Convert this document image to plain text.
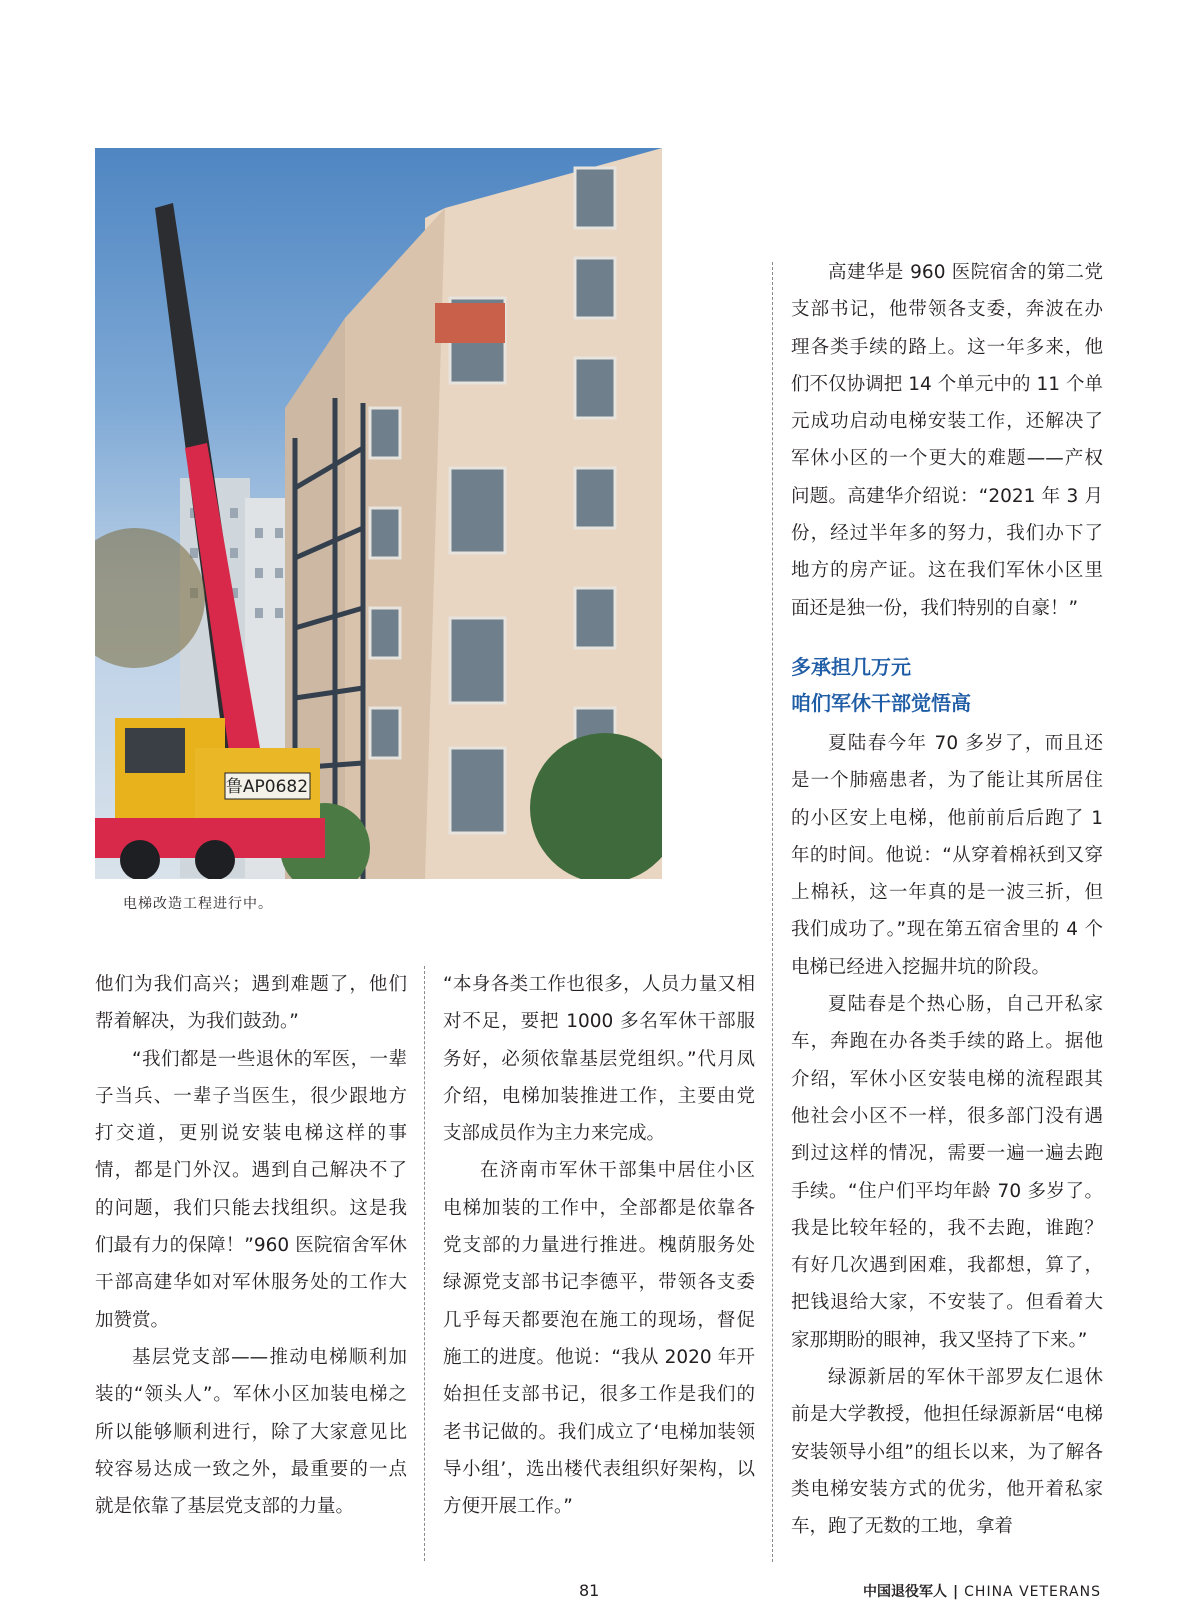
鲁AP0682
电梯改造工程进行中。

他们为我们高兴；遇到难题了，他们帮着解决，为我们鼓劲。”

“我们都是一些退休的军医，一辈子当兵、一辈子当医生，很少跟地方打交道，更别说安装电梯这样的事情，都是门外汉。遇到自己解决不了的问题，我们只能去找组织。这是我们最有力的保障！”960 医院宿舍军休干部高建华如对军休服务处的工作大加赞赏。

基层党支部——推动电梯顺利加装的“领头人”。军休小区加装电梯之所以能够顺利进行，除了大家意见比较容易达成一致之外，最重要的一点就是依靠了基层党支部的力量。

“本身各类工作也很多，人员力量又相对不足，要把 1000 多名军休干部服务好，必须依靠基层党组织。”代月凤介绍，电梯加装推进工作，主要由党支部成员作为主力来完成。

在济南市军休干部集中居住小区电梯加装的工作中，全部都是依靠各党支部的力量进行推进。槐荫服务处绿源党支部书记李德平，带领各支委几乎每天都要泡在施工的现场，督促施工的进度。他说：“我从 2020 年开始担任支部书记，很多工作是我们的老书记做的。我们成立了‘电梯加装领导小组’，选出楼代表组织好架构，以方便开展工作。”

高建华是 960 医院宿舍的第二党支部书记，他带领各支委，奔波在办理各类手续的路上。这一年多来，他们不仅协调把 14 个单元中的 11 个单元成功启动电梯安装工作，还解决了军休小区的一个更大的难题——产权问题。高建华介绍说：“2021 年 3 月份，经过半年多的努力，我们办下了地方的房产证。这在我们军休小区里面还是独一份，我们特别的自豪！”

多承担几万元
咱们军休干部觉悟高

夏陆春今年 70 多岁了，而且还是一个肺癌患者，为了能让其所居住的小区安上电梯，他前前后后跑了 1 年的时间。他说：“从穿着棉袄到又穿上棉袄，这一年真的是一波三折，但我们成功了。”现在第五宿舍里的 4 个电梯已经进入挖掘井坑的阶段。

夏陆春是个热心肠，自己开私家车，奔跑在办各类手续的路上。据他介绍，军休小区安装电梯的流程跟其他社会小区不一样，很多部门没有遇到过这样的情况，需要一遍一遍去跑手续。“住户们平均年龄 70 多岁了。我是比较年轻的，我不去跑，谁跑？有好几次遇到困难，我都想，算了，把钱退给大家，不安装了。但看着大家那期盼的眼神，我又坚持了下来。”

绿源新居的军休干部罗友仁退休前是大学教授，他担任绿源新居“电梯安装领导小组”的组长以来，为了解各类电梯安装方式的优劣，他开着私家车，跑了无数的工地，拿着

81	中国退役军人 | CHINA VETERANS
